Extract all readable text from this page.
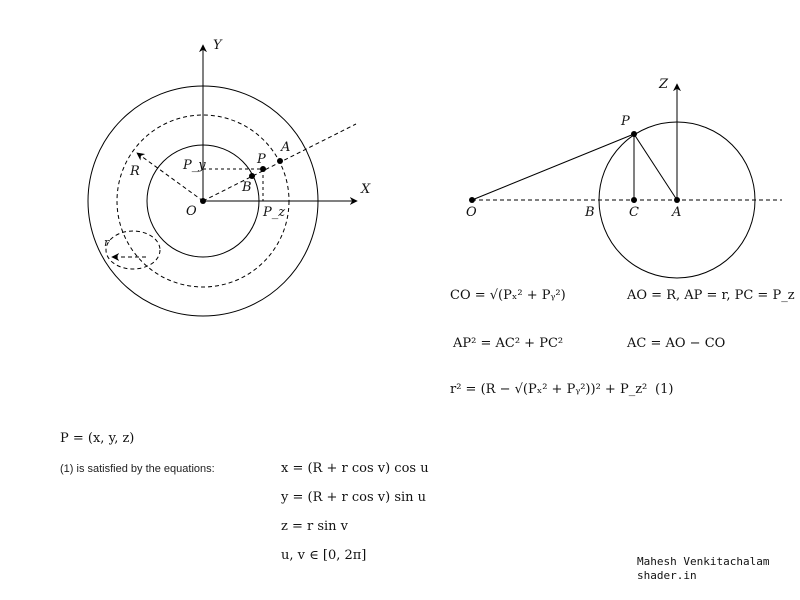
Y
X
O
P
A
B
P_y
P_z
R
r
Z
P
O	B	C	A
CO = √(Pₓ² + Pᵧ²)	AO = R, AP = r, PC = P_z
AP² = AC² + PC²	AC = AO − CO
r² = (R − √(Pₓ² + Pᵧ²))² + P_z² (1)
P = (x, y, z)
(1) is satisfied by the equations:	x = (R + r cos v) cos u
y = (R + r cos v) sin u
z = r sin v
u, v ∈ [0, 2π]	Mahesh Venkitachalam
shader.in
